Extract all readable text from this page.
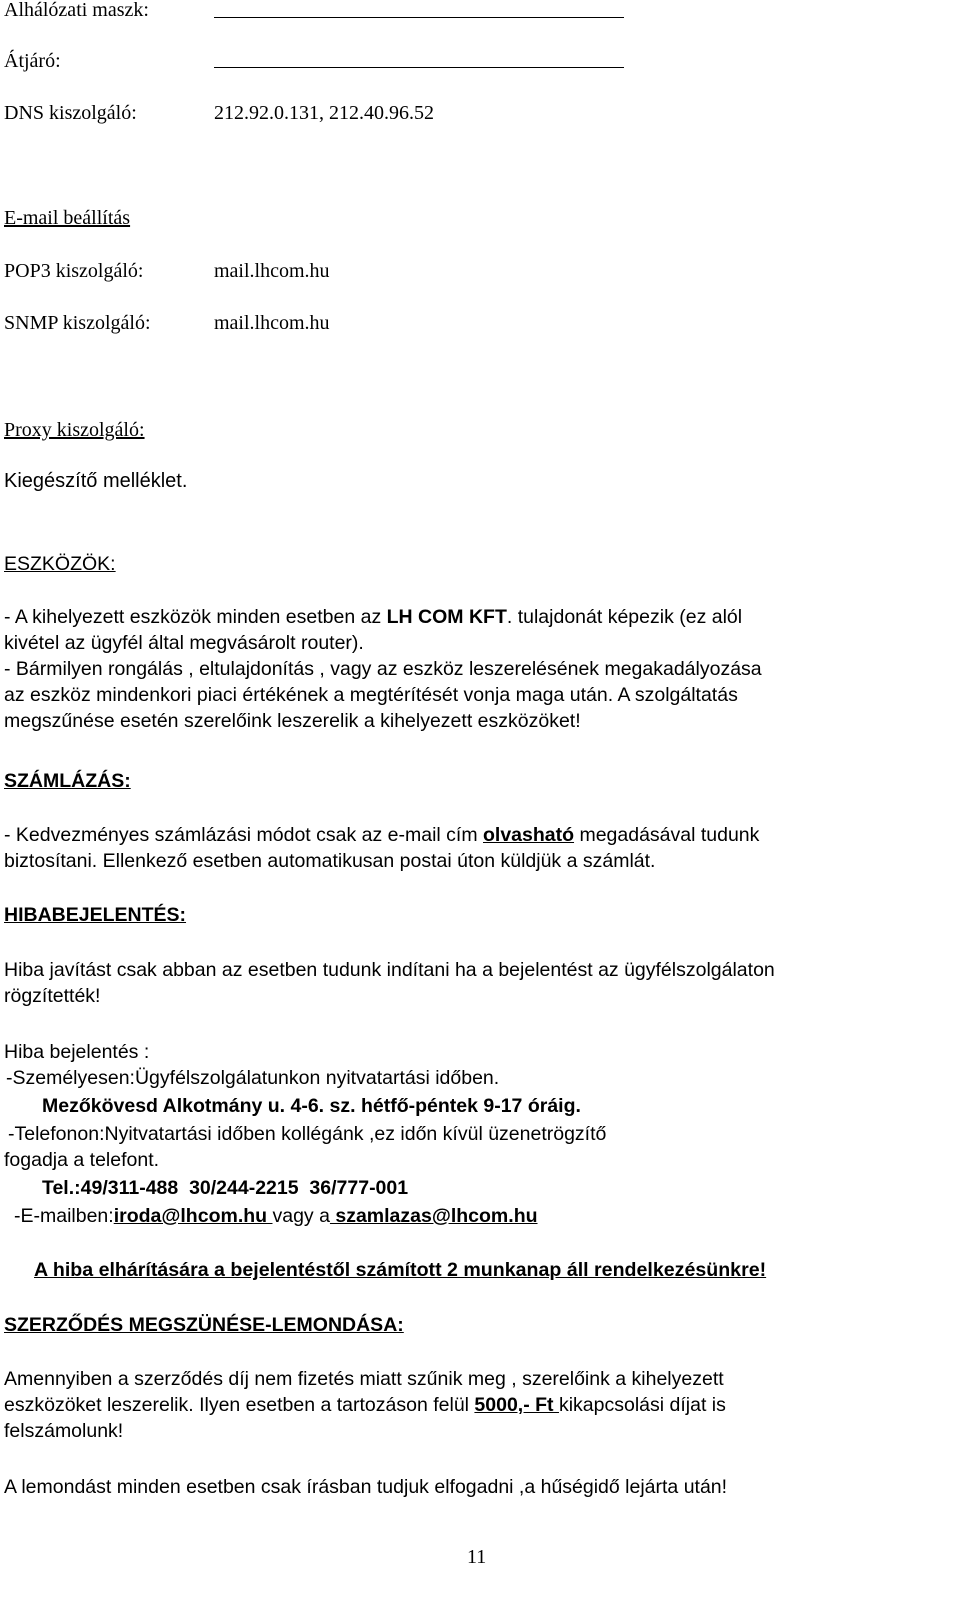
Alhálózati maszk:
Átjáró:
DNS kiszolgáló:	212.92.0.131, 212.40.96.52
E-mail beállítás
POP3 kiszolgáló:	mail.lhcom.hu
SNMP kiszolgáló:	mail.lhcom.hu
Proxy kiszolgáló:
Kiegészítő melléklet.
ESZKÖZÖK:
- A kihelyezett eszközök minden esetben az LH COM KFT. tulajdonát képezik (ez alól
kivétel az ügyfél által megvásárolt router).
- Bármilyen rongálás , eltulajdonítás , vagy az eszköz leszerelésének megakadályozása
az eszköz mindenkori piaci értékének a megtérítését vonja maga után. A szolgáltatás
megszűnése esetén szerelőink leszerelik a kihelyezett eszközöket!
SZÁMLÁZÁS:
- Kedvezményes számlázási módot csak az e-mail cím olvasható megadásával tudunk
biztosítani. Ellenkező esetben automatikusan postai úton küldjük a számlát.
HIBABEJELENTÉS:
Hiba javítást csak abban az esetben tudunk indítani ha a bejelentést az ügyfélszolgálaton
rögzítették!
Hiba bejelentés :
-Személyesen:Ügyfélszolgálatunkon nyitvatartási időben.
Mezőkövesd Alkotmány u. 4-6. sz. hétfő-péntek 9-17 óráig.
-Telefonon:Nyitvatartási időben kollégánk ,ez időn kívül üzenetrögzítő
fogadja a telefont.
Tel.:49/311-488  30/244-2215  36/777-001
-E-mailben:iroda@lhcom.hu vagy a szamlazas@lhcom.hu
A hiba elhárítására a bejelentéstől számított 2 munkanap áll rendelkezésünkre!
SZERZŐDÉS MEGSZÜNÉSE-LEMONDÁSA:
Amennyiben a szerződés díj nem fizetés miatt szűnik meg , szerelőink a kihelyezett
eszközöket leszerelik. Ilyen esetben a tartozáson felül 5000,- Ft kikapcsolási díjat is
felszámolunk!
A lemondást minden esetben csak írásban tudjuk elfogadni ,a hűségidő lejárta után!
11
